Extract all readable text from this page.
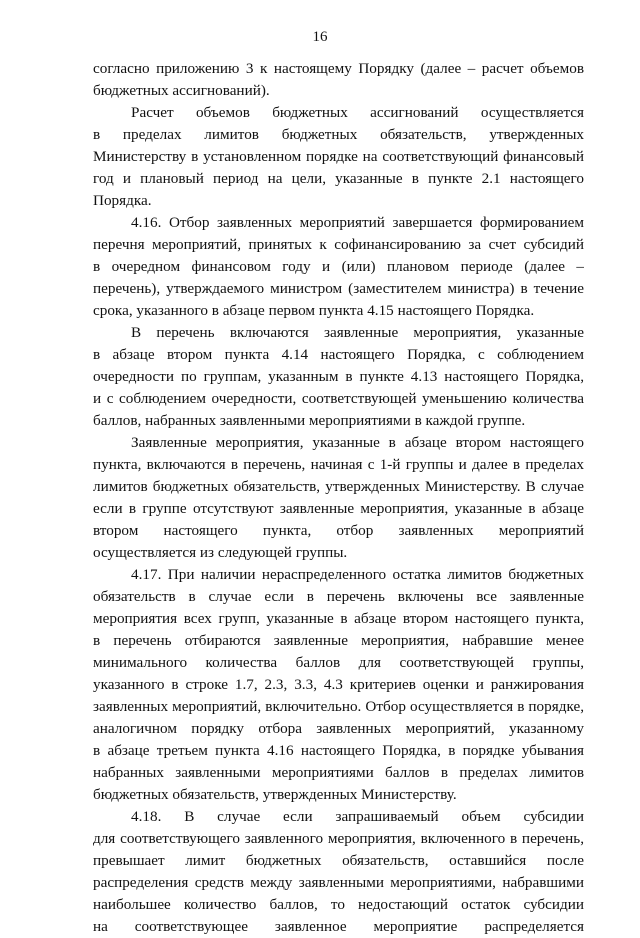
16
согласно приложению 3 к настоящему Порядку (далее – расчет объемов
бюджетных ассигнований).
Расчет объемов бюджетных ассигнований осуществляется
в пределах лимитов бюджетных обязательств, утвержденных
Министерству в установленном порядке на соответствующий финансовый
год и плановый период на цели, указанные в пункте 2.1 настоящего
Порядка.
4.16. Отбор заявленных мероприятий завершается формированием
перечня мероприятий, принятых к софинансированию за счет субсидий
в очередном финансовом году и (или) плановом периоде (далее –
перечень), утверждаемого министром (заместителем министра) в течение
срока, указанного в абзаце первом пункта 4.15 настоящего Порядка.
В перечень включаются заявленные мероприятия, указанные
в абзаце втором пункта 4.14 настоящего Порядка, с соблюдением
очередности по группам, указанным в пункте 4.13 настоящего Порядка,
и с соблюдением очередности, соответствующей уменьшению количества
баллов, набранных заявленными мероприятиями в каждой группе.
Заявленные мероприятия, указанные в абзаце втором настоящего
пункта, включаются в перечень, начиная с 1-й группы и далее в пределах
лимитов бюджетных обязательств, утвержденных Министерству. В случае
если в группе отсутствуют заявленные мероприятия, указанные в абзаце
втором настоящего пункта, отбор заявленных мероприятий
осуществляется из следующей группы.
4.17. При наличии нераспределенного остатка лимитов бюджетных
обязательств в случае если в перечень включены все заявленные
мероприятия всех групп, указанные в абзаце втором настоящего пункта,
в перечень отбираются заявленные мероприятия, набравшие менее
минимального количества баллов для соответствующей группы,
указанного в строке 1.7, 2.3, 3.3, 4.3 критериев оценки и ранжирования
заявленных мероприятий, включительно. Отбор осуществляется в порядке,
аналогичном порядку отбора заявленных мероприятий, указанному
в абзаце третьем пункта 4.16 настоящего Порядка, в порядке убывания
набранных заявленными мероприятиями баллов в пределах лимитов
бюджетных обязательств, утвержденных Министерству.
4.18. В случае если запрашиваемый объем субсидии
для соответствующего заявленного мероприятия, включенного в перечень,
превышает лимит бюджетных обязательств, оставшийся после
распределения средств между заявленными мероприятиями, набравшими
наибольшее количество баллов, то недостающий остаток субсидии
на соответствующее заявленное мероприятие распределяется
